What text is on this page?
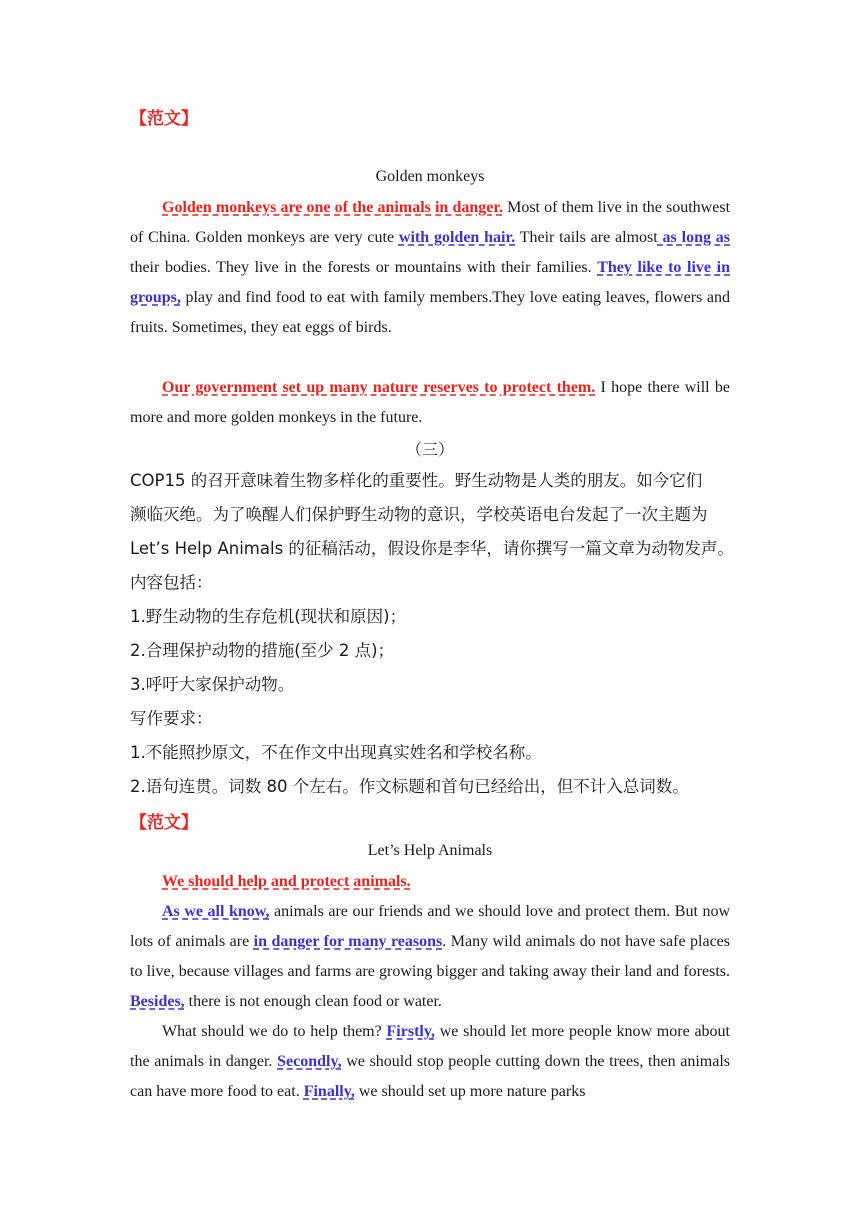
【范文】
Golden monkeys
Golden monkeys are one of the animals in danger. Most of them live in the southwest of China. Golden monkeys are very cute with golden hair. Their tails are almost as long as their bodies. They live in the forests or mountains with their families. They like to live in groups, play and find food to eat with family members.They love eating leaves, flowers and fruits. Sometimes, they eat eggs of birds.
Our government set up many nature reserves to protect them. I hope there will be more and more golden monkeys in the future.
（三）
COP15 的召开意味着生物多样化的重要性。野生动物是人类的朋友。如今它们
濒临灭绝。为了唤醒人们保护野生动物的意识，学校英语电台发起了一次主题为
Let’s Help Animals 的征稿活动，假设你是李华，请你撰写一篇文章为动物发声。
内容包括：
1.野生动物的生存危机(现状和原因)；
2.合理保护动物的措施(至少 2 点)；
3.呼吁大家保护动物。
写作要求：
1.不能照抄原文，不在作文中出现真实姓名和学校名称。
2.语句连贯。词数 80 个左右。作文标题和首句已经给出，但不计入总词数。
【范文】
Let’s Help Animals
We should help and protect animals.
As we all know, animals are our friends and we should love and protect them. But now lots of animals are in danger for many reasons. Many wild animals do not have safe places to live, because villages and farms are growing bigger and taking away their land and forests. Besides, there is not enough clean food or water.
What should we do to help them? Firstly, we should let more people know more about the animals in danger. Secondly, we should stop people cutting down the trees, then animals can have more food to eat. Finally, we should set up more nature parks
